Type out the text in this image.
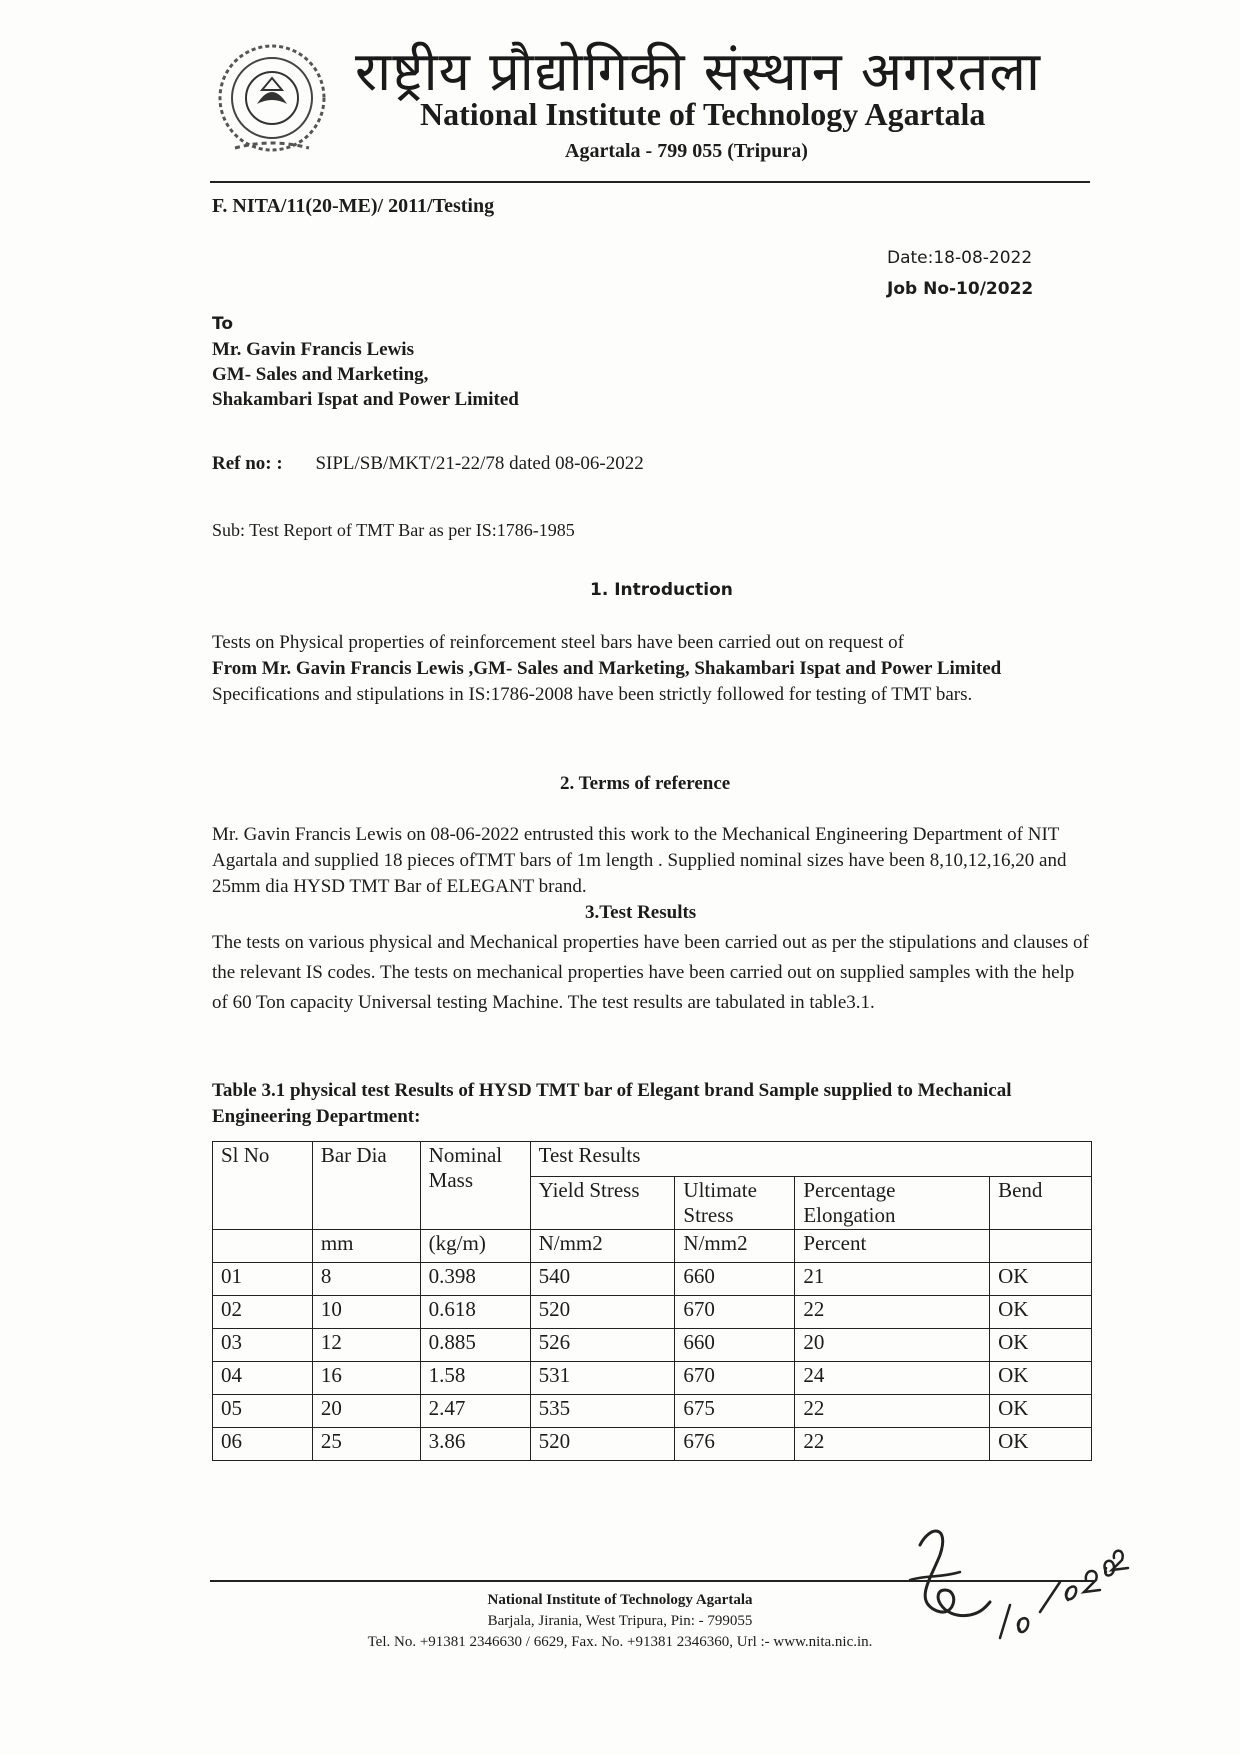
राष्ट्रीय प्रौद्योगिकी संस्थान अगरतला
National Institute of Technology Agartala
Agartala - 799 055 (Tripura)
F. NITA/11(20-ME)/ 2011/Testing
Date:18-08-2022
Job No-10/2022
To
Mr. Gavin Francis Lewis
GM- Sales and Marketing,
Shakambari Ispat and Power Limited
Ref no: : SIPL/SB/MKT/21-22/78 dated 08-06-2022
Sub: Test Report of TMT Bar as per IS:1786-1985
1. Introduction
Tests on Physical properties of reinforcement steel bars have been carried out on request of
From Mr. Gavin Francis Lewis ,GM- Sales and Marketing, Shakambari Ispat and Power Limited
Specifications and stipulations in IS:1786-2008 have been strictly followed for testing of TMT bars.
2. Terms of reference
Mr. Gavin Francis Lewis on 08-06-2022 entrusted this work to the Mechanical Engineering Department of NIT Agartala and supplied 18 pieces ofTMT bars of 1m length . Supplied nominal sizes have been 8,10,12,16,20 and 25mm dia HYSD TMT Bar of ELEGANT brand.
3.Test Results
The tests on various physical and Mechanical properties have been carried out as per the stipulations and clauses of the relevant IS codes. The tests on mechanical properties have been carried out on supplied samples with the help of 60 Ton capacity Universal testing Machine. The test results are tabulated in table3.1.
Table 3.1 physical test Results of HYSD TMT bar of Elegant brand Sample supplied to Mechanical Engineering Department:
Sl No	Bar Dia	Nominal Mass	Test Results			
			Yield Stress	Ultimate Stress	Percentage Elongation	Bend
	mm	(kg/m)	N/mm2	N/mm2	Percent	
01	8	0.398	540	660	21	OK
02	10	0.618	520	670	22	OK
03	12	0.885	526	660	20	OK
04	16	1.58	531	670	24	OK
05	20	2.47	535	675	22	OK
06	25	3.86	520	676	22	OK
National Institute of Technology Agartala
Barjala, Jirania, West Tripura, Pin: - 799055
Tel. No. +91381 2346630 / 6629, Fax. No. +91381 2346360, Url :- www.nita.nic.in.
